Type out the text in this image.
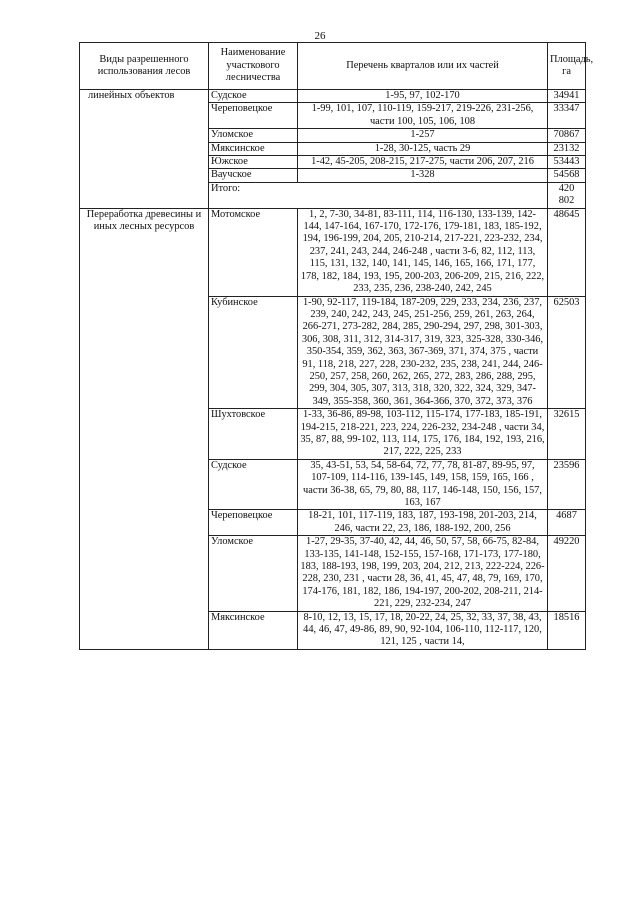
26
Виды разрешенного использования лесов	Наименование участкового лесничества	Перечень кварталов или их частей	Площадь, га
линейных объектов	Судское	1-95, 97, 102-170	34941
	Череповецкое	1-99, 101, 107, 110-119, 159-217, 219-226, 231-256, части 100, 105, 106, 108	33347
	Уломское	1-257	70867
	Мяксинское	1-28, 30-125, часть 29	23132
	Южское	1-42, 45-205, 208-215, 217-275, части 206, 207, 216	53443
	Ваучское	1-328	54568
	Итого:		420 802
Переработка древесины и иных лесных ресурсов	Мотомское	1, 2, 7-30, 34-81, 83-111, 114, 116-130, 133-139, 142-144, 147-164, 167-170, 172-176, 179-181, 183, 185-192, 194, 196-199, 204, 205, 210-214, 217-221, 223-232, 234, 237, 241, 243, 244, 246-248 , части 3-6, 82, 112, 113, 115, 131, 132, 140, 141, 145, 146, 165, 166, 171, 177, 178, 182, 184, 193, 195, 200-203, 206-209, 215, 216, 222, 233, 235, 236, 238-240, 242, 245	48645
	Кубинское	1-90, 92-117, 119-184, 187-209, 229, 233, 234, 236, 237, 239, 240, 242, 243, 245, 251-256, 259, 261, 263, 264, 266-271, 273-282, 284, 285, 290-294, 297, 298, 301-303, 306, 308, 311, 312, 314-317, 319, 323, 325-328, 330-346, 350-354, 359, 362, 363, 367-369, 371, 374, 375 , части 91, 118, 218, 227, 228, 230-232, 235, 238, 241, 244, 246-250, 257, 258, 260, 262, 265, 272, 283, 286, 288, 295, 299, 304, 305, 307, 313, 318, 320, 322, 324, 329, 347-349, 355-358, 360, 361, 364-366, 370, 372, 373, 376	62503
	Шухтовское	1-33, 36-86, 89-98, 103-112, 115-174, 177-183, 185-191, 194-215, 218-221, 223, 224, 226-232, 234-248 , части 34, 35, 87, 88, 99-102, 113, 114, 175, 176, 184, 192, 193, 216, 217, 222, 225, 233	32615
	Судское	35, 43-51, 53, 54, 58-64, 72, 77, 78, 81-87, 89-95, 97, 107-109, 114-116, 139-145, 149, 158, 159, 165, 166 , части 36-38, 65, 79, 80, 88, 117, 146-148, 150, 156, 157, 163, 167	23596
	Череповецкое	18-21, 101, 117-119, 183, 187, 193-198, 201-203, 214, 246, части 22, 23, 186, 188-192, 200, 256	4687
	Уломское	1-27, 29-35, 37-40, 42, 44, 46, 50, 57, 58, 66-75, 82-84, 133-135, 141-148, 152-155, 157-168, 171-173, 177-180, 183, 188-193, 198, 199, 203, 204, 212, 213, 222-224, 226-228, 230, 231 , части 28, 36, 41, 45, 47, 48, 79, 169, 170, 174-176, 181, 182, 186, 194-197, 200-202, 208-211, 214-221, 229, 232-234, 247	49220
	Мяксинское	8-10, 12, 13, 15, 17, 18, 20-22, 24, 25, 32, 33, 37, 38, 43, 44, 46, 47, 49-86, 89, 90, 92-104, 106-110, 112-117, 120, 121, 125 , части 14,	18516
